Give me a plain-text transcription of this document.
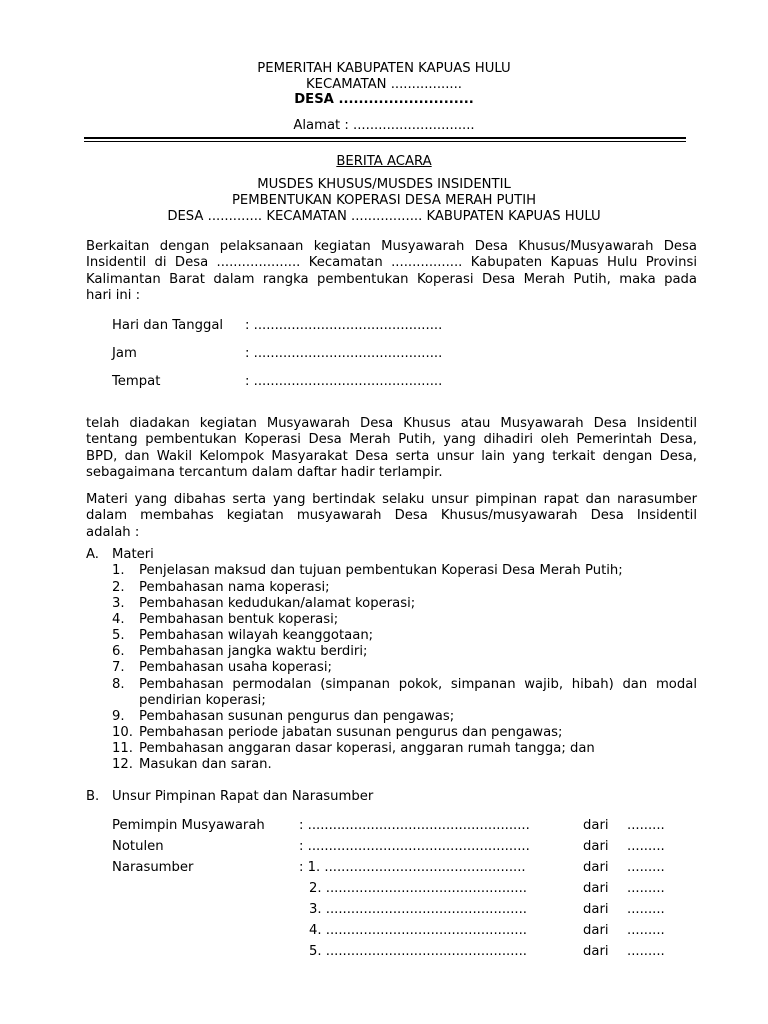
PEMERITAH KABUPATEN KAPUAS HULU
KECAMATAN .................
DESA ...........................
Alamat : .............................
BERITA ACARA
MUSDES KHUSUS/MUSDES INSIDENTIL
PEMBENTUKAN KOPERASI DESA MERAH PUTIH
DESA ............. KECAMATAN ................. KABUPATEN KAPUAS HULU
Berkaitan dengan pelaksanaan kegiatan Musyawarah Desa Khusus/Musyawarah Desa
Insidentil di Desa .................... Kecamatan ................. Kabupaten Kapuas Hulu Provinsi
Kalimantan Barat dalam rangka pembentukan Koperasi Desa Merah Putih, maka pada
hari ini :
Hari dan Tanggal : .............................................
Jam	: .............................................
Tempat	: .............................................
telah diadakan kegiatan Musyawarah Desa Khusus atau Musyawarah Desa Insidentil
tentang pembentukan Koperasi Desa Merah Putih, yang dihadiri oleh Pemerintah Desa,
BPD, dan Wakil Kelompok Masyarakat Desa serta unsur lain yang terkait dengan Desa,
sebagaimana tercantum dalam daftar hadir terlampir.
Materi yang dibahas serta yang bertindak selaku unsur pimpinan rapat dan narasumber
dalam membahas kegiatan musyawarah Desa Khusus/musyawarah Desa Insidentil
adalah :
A. Materi
1.	Penjelasan maksud dan tujuan pembentukan Koperasi Desa Merah Putih;
2.	Pembahasan nama koperasi;
3.	Pembahasan kedudukan/alamat koperasi;
4.	Pembahasan bentuk koperasi;
5.	Pembahasan wilayah keanggotaan;
6.	Pembahasan jangka waktu berdiri;
7.	Pembahasan usaha koperasi;
8.	Pembahasan permodalan (simpanan pokok, simpanan wajib, hibah) dan modal
pendirian koperasi;
9.	Pembahasan susunan pengurus dan pengawas;
10. Pembahasan periode jabatan susunan pengurus dan pengawas;
11. Pembahasan anggaran dasar koperasi, anggaran rumah tangga; dan
12. Masukan dan saran.
B. Unsur Pimpinan Rapat dan Narasumber
Pemimpin Musyawarah	: .....................................................	dari .........
Notulen	: .....................................................	dari .........
Narasumber	: 1. ................................................	dari .........
2. ................................................	dari .........
3. ................................................	dari .........
4. ................................................	dari .........
5. ................................................	dari .........
